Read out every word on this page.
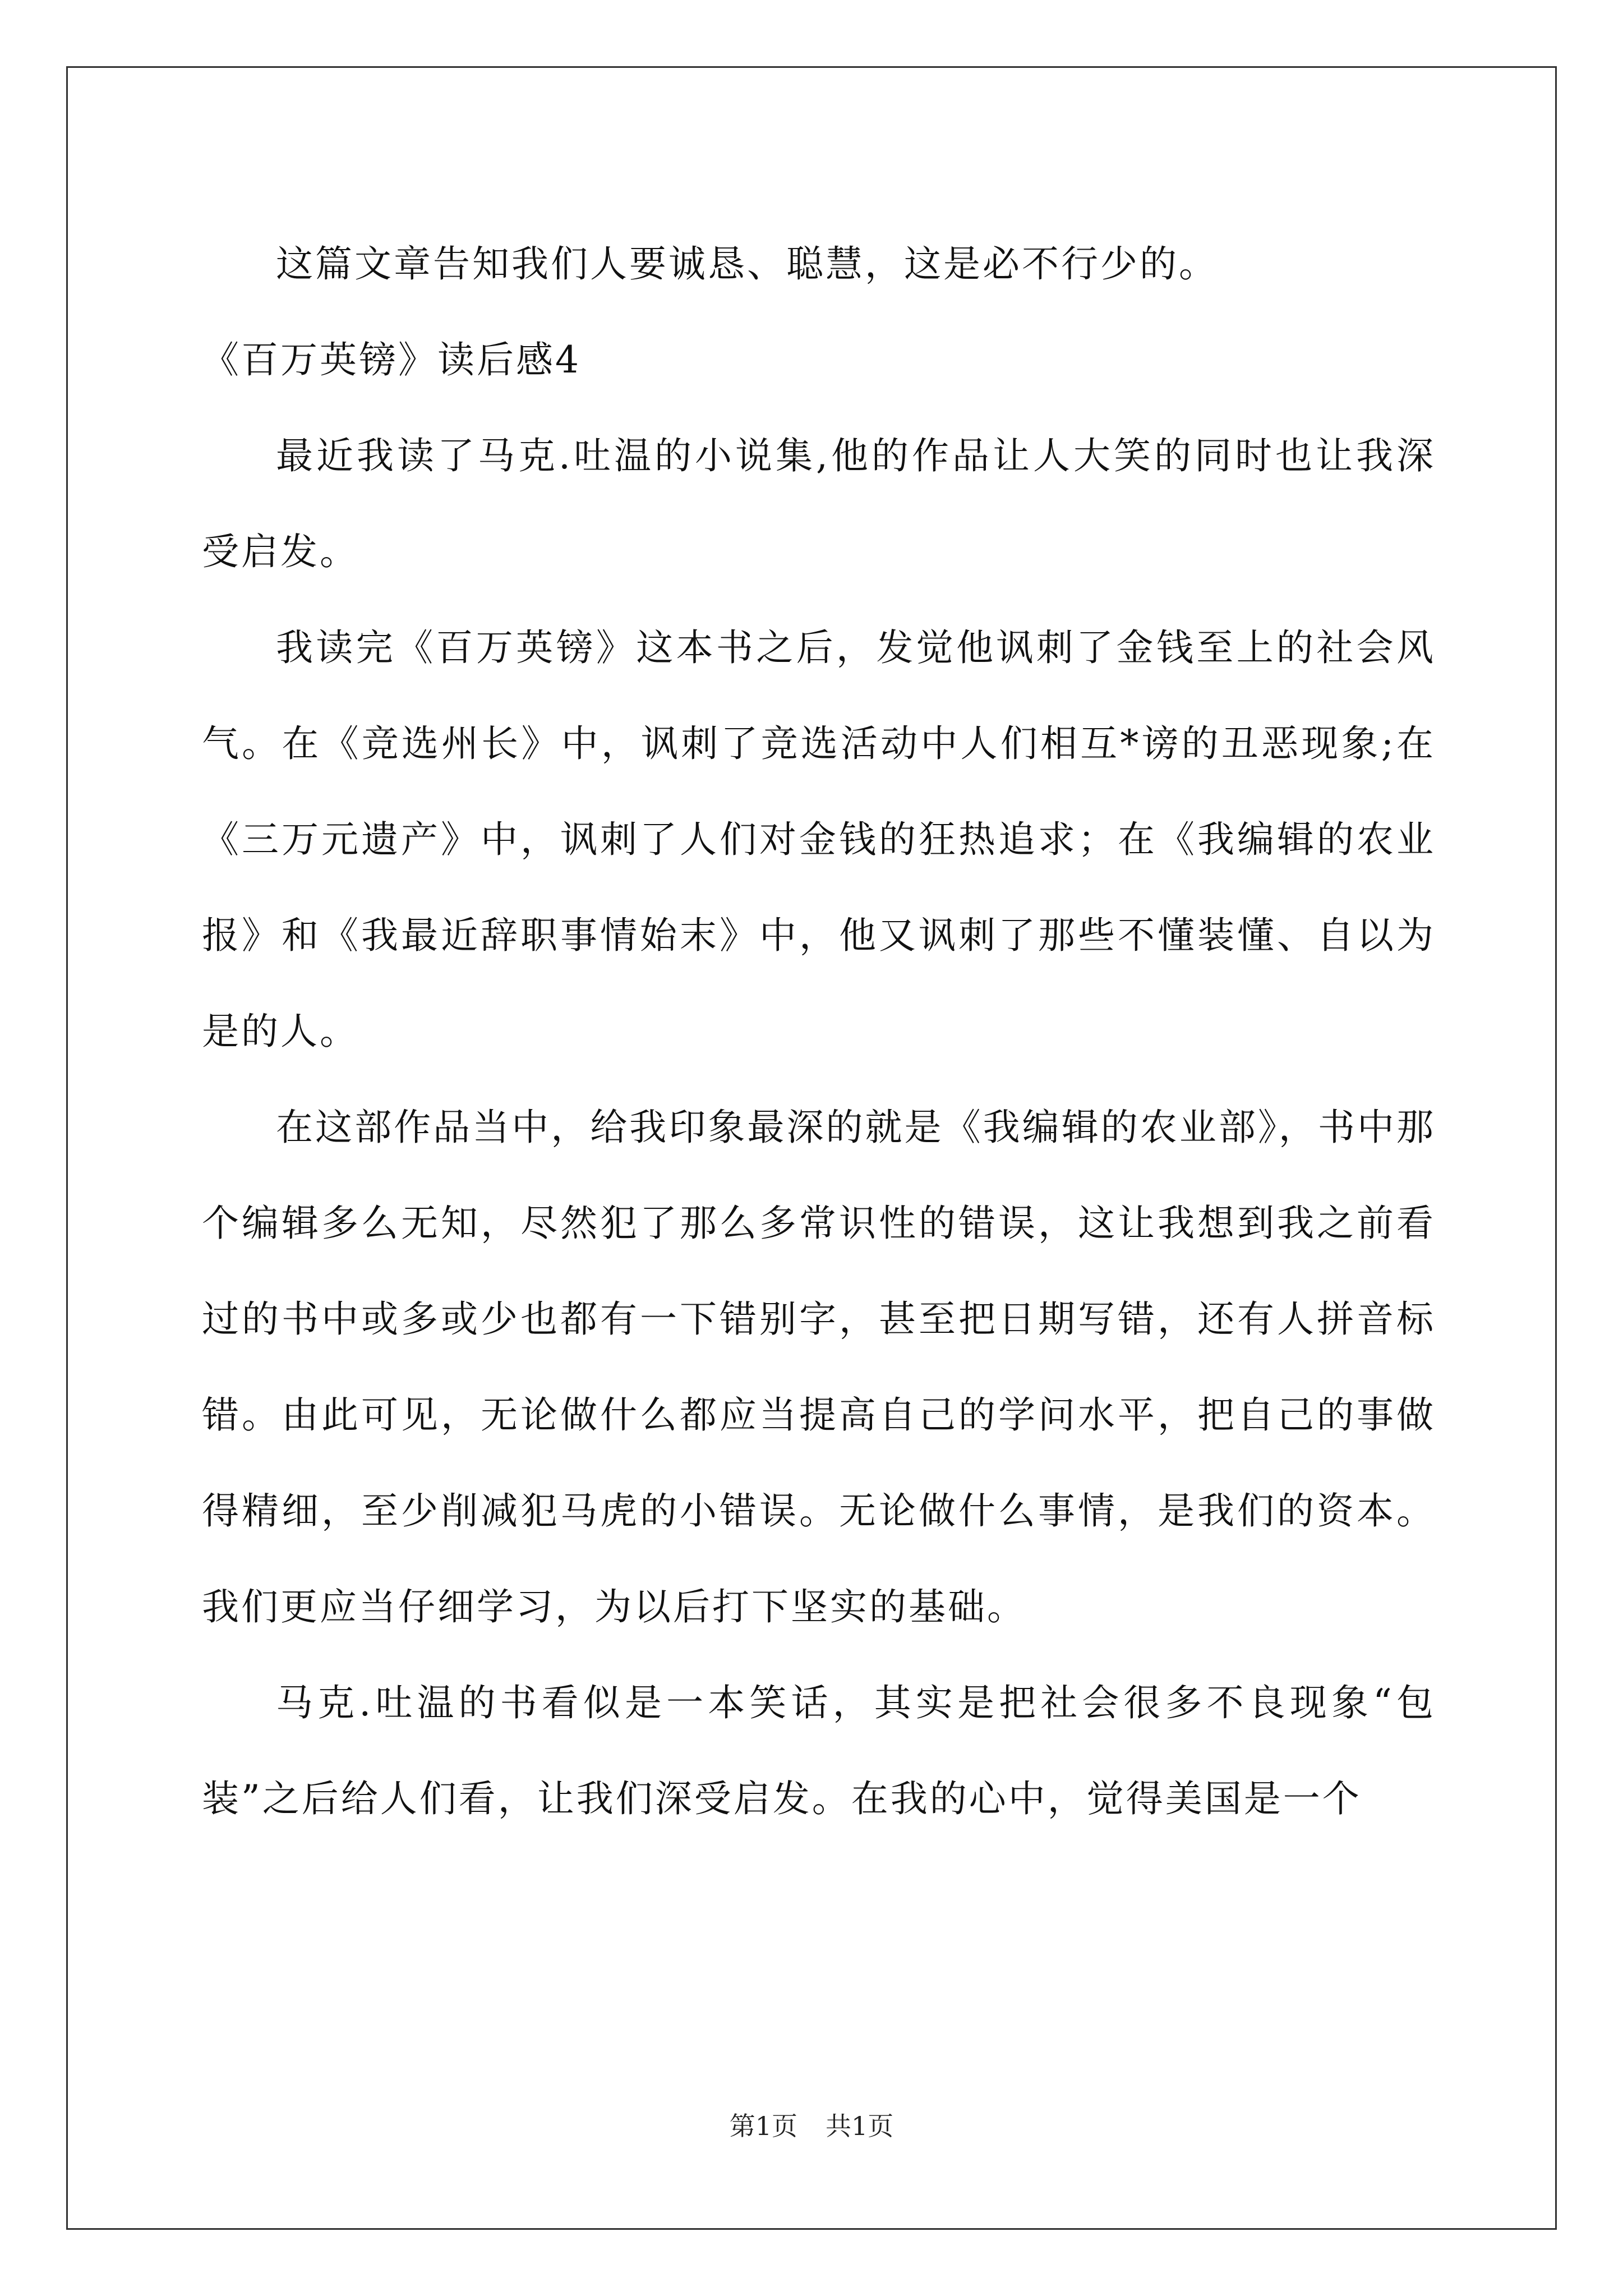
这篇文章告知我们人要诚恳、聪慧，这是必不行少的。

《百万英镑》读后感4

最近我读了马克.吐温的小说集,他的作品让人大笑的同时也让我深受启发。

我读完《百万英镑》这本书之后，发觉他讽刺了金钱至上的社会风气。在《竞选州长》中，讽刺了竞选活动中人们相互*谤的丑恶现象;在《三万元遗产》中，讽刺了人们对金钱的狂热追求；在《我编辑的农业报》和《我最近辞职事情始末》中，他又讽刺了那些不懂装懂、自以为是的人。

在这部作品当中，给我印象最深的就是《我编辑的农业部》，书中那个编辑多么无知，尽然犯了那么多常识性的错误，这让我想到我之前看过的书中或多或少也都有一下错别字，甚至把日期写错，还有人拼音标错。由此可见，无论做什么都应当提高自己的学问水平，把自己的事做得精细，至少削减犯马虎的小错误。无论做什么事情，是我们的资本。我们更应当仔细学习，为以后打下坚实的基础。

马克.吐温的书看似是一本笑话，其实是把社会很多不良现象“包装”之后给人们看，让我们深受启发。在我的心中，觉得美国是一个

第1页 共1页
